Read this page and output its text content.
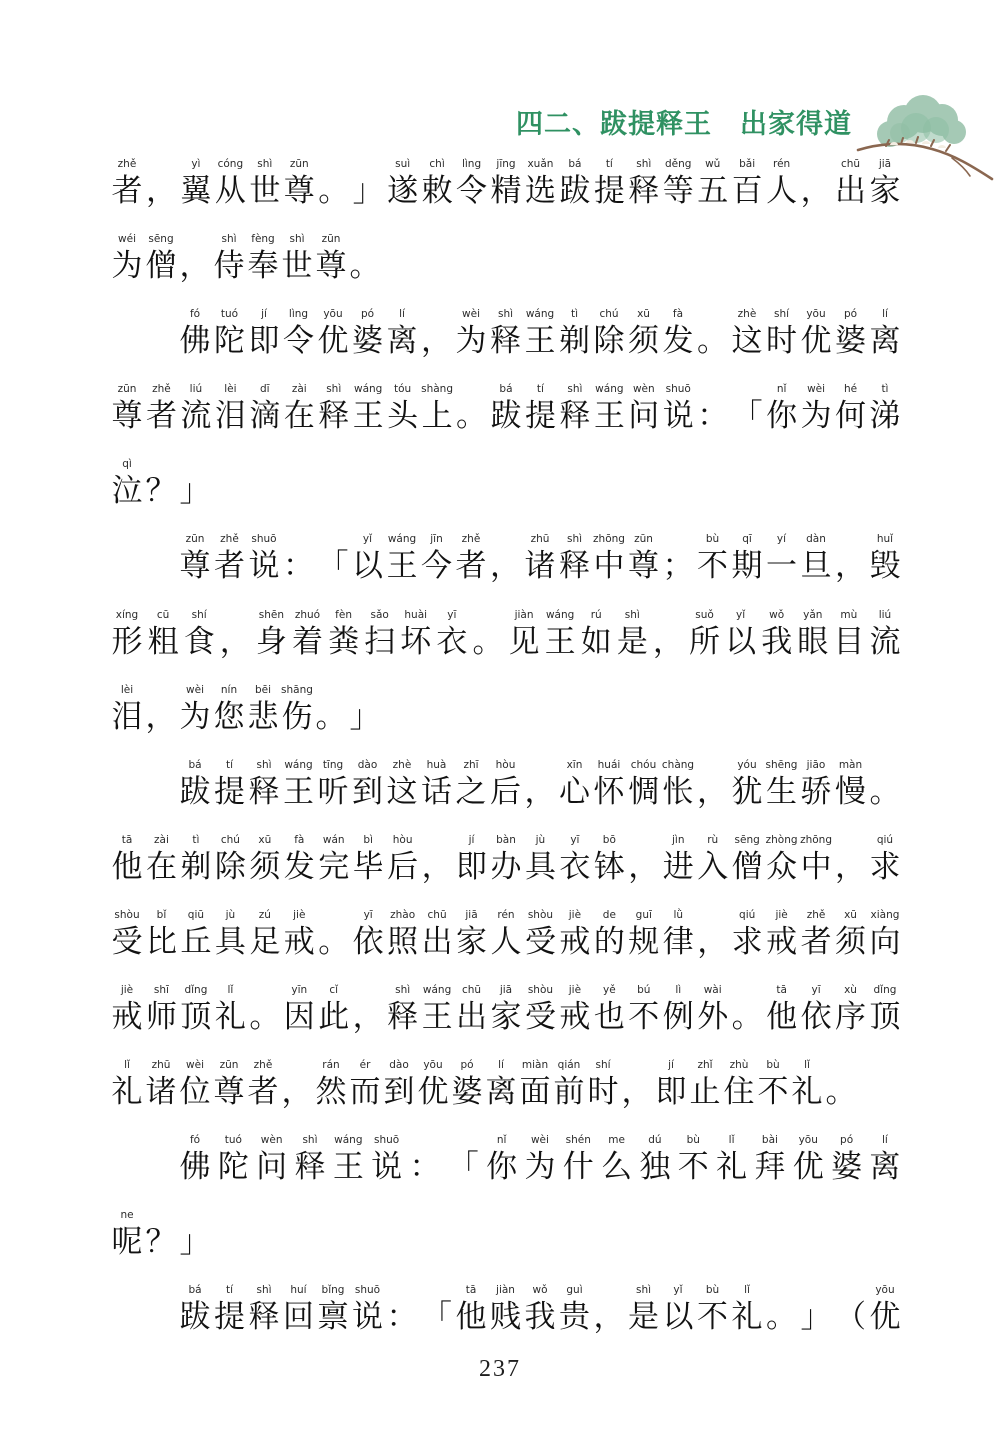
四二、跋提释王　出家得道
zhě
者 ，
yì
翼
cóng
从
shì
世
zūn
尊 。 」
suì
遂
chì
敕
lìng
令
jīng
精
xuǎn
选
bá
跋
tí
提
shì
释
děng
等
wǔ
五
bǎi
百
rén
人 ，
chū
出
jiā
家
wéi
为
sēng
僧 ，
shì
侍
fèng
奉
shì
世
zūn
尊 。
fó
佛
tuó
陀
jí
即
lìng
令
yōu
优
pó
婆
lí
离 ，
wèi
为
shì
释
wáng
王
tì
剃
chú
除
xū
须
fà
发 。
zhè
这
shí
时
yōu
优
pó
婆
lí
离
zūn
尊
zhě
者
liú
流
lèi
泪
dī
滴
zài
在
shì
释
wáng
王
tóu
头
shàng
上 。
bá
跋
tí
提
shì
释
wáng
王
wèn
问
shuō
说 ： 「
nǐ
你
wèi
为
hé
何
tì
涕
qì
泣 ？ 」
zūn
尊
zhě
者
shuō
说 ： 「
yǐ
以
wáng
王
jīn
今
zhě
者 ，
zhū
诸
shì
释
zhōng
中
zūn
尊 ；
bù
不
qī
期
yí
一
dàn
旦 ，
huǐ
毁
xíng
形
cū
粗
shí
食 ，
shēn
身
zhuó
着
fèn
粪
sǎo
扫
huài
坏
yī
衣 。
jiàn
见
wáng
王
rú
如
shì
是 ，
suǒ
所
yǐ
以
wǒ
我
yǎn
眼
mù
目
liú
流
lèi
泪 ，
wèi
为
nín
您
bēi
悲
shāng
伤 。 」
bá
跋
tí
提
shì
释
wáng
王
tīng
听
dào
到
zhè
这
huà
话
zhī
之
hòu
后 ，
xīn
心
huái
怀
chóu
惆
chàng
怅 ，
yóu
犹
shēng
生
jiāo
骄
màn
慢 。
tā
他
zài
在
tì
剃
chú
除
xū
须
fà
发
wán
完
bì
毕
hòu
后 ，
jí
即
bàn
办
jù
具
yī
衣
bō
钵 ，
jìn
进
rù
入
sēng
僧
zhòng
众
zhōng
中 ，
qiú
求
shòu
受
bǐ
比
qiū
丘
jù
具
zú
足
jiè
戒 。
yī
依
zhào
照
chū
出
jiā
家
rén
人
shòu
受
jiè
戒
de
的
guī
规
lǜ
律 ，
qiú
求
jiè
戒
zhě
者
xū
须
xiàng
向
jiè
戒
shī
师
dǐng
顶
lǐ
礼 。
yīn
因
cǐ
此 ，
shì
释
wáng
王
chū
出
jiā
家
shòu
受
jiè
戒
yě
也
bú
不
lì
例
wài
外 。
tā
他
yī
依
xù
序
dǐng
顶
lǐ
礼
zhū
诸
wèi
位
zūn
尊
zhě
者 ，
rán
然
ér
而
dào
到
yōu
优
pó
婆
lí
离
miàn
面
qián
前
shí
时 ，
jí
即
zhǐ
止
zhù
住
bù
不
lǐ
礼 。
fó
佛
tuó
陀
wèn
问
shì
释
wáng
王
shuō
说 ： 「
nǐ
你
wèi
为
shén
什
me
么
dú
独
bù
不
lǐ
礼
bài
拜
yōu
优
pó
婆
lí
离
ne
呢 ？ 」
bá
跋
tí
提
shì
释
huí
回
bǐng
禀
shuō
说 ： 「
tā
他
jiàn
贱
wǒ
我
guì
贵 ，
shì
是
yǐ
以
bù
不
lǐ
礼 。 」 （
yōu
优
237
